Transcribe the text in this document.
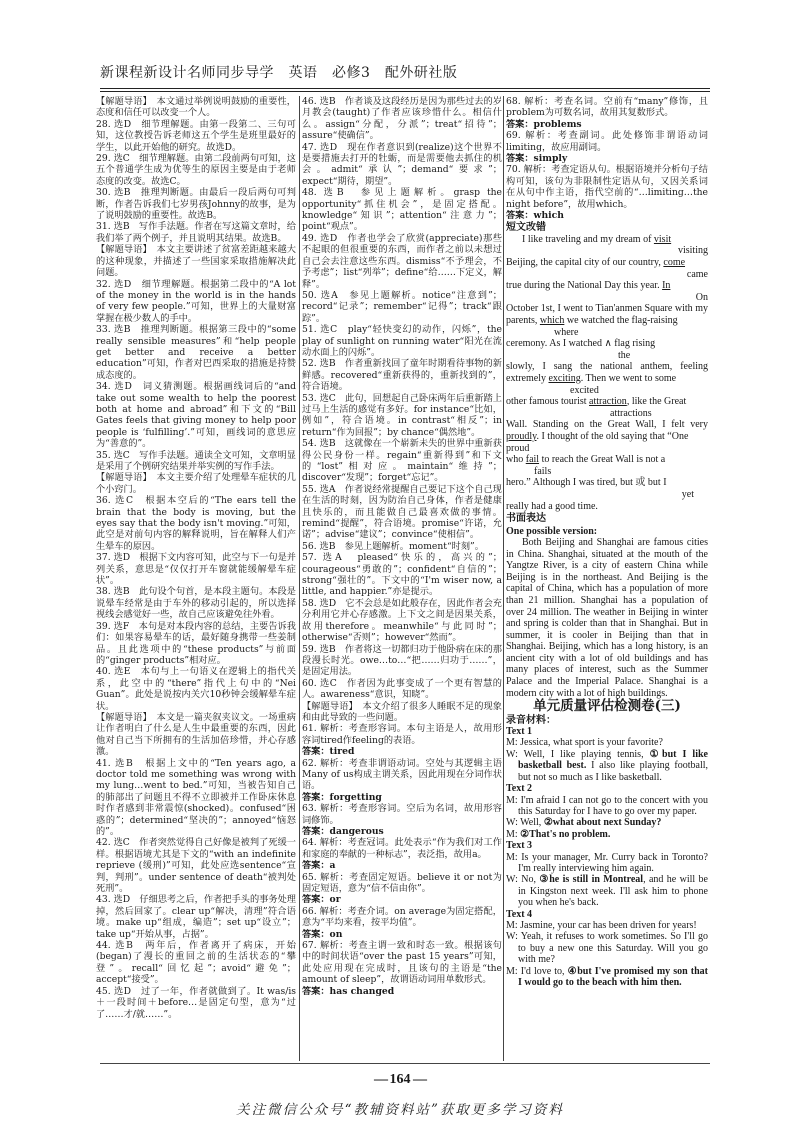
新课程新设计名师同步导学　英语　必修3　配外研社版

【解题导语】　本文通过举例说明鼓励的重要性，态度和信任可以改变一个人。

28. 选D　细节理解题。由第一段第二、三句可知，这位教授告诉老师这五个学生是班里最好的学生，以此开始他的研究。故选D。

29. 选C　细节理解题。由第二段前两句可知，这五个普通学生成为优等生的原因主要是由于老师态度的改变。故选C。

30. 选B　推理判断题。由最后一段后两句可判断，作者告诉我们七岁男孩Johnny的故事，是为了说明鼓励的重要性。故选B。

31. 选B　写作手法题。作者在写这篇文章时，给我们举了两个例子，并且说明其结果。故选B。

【解题导语】　本文主要讲述了贫富差距越来越大的这种现象，并描述了一些国家采取措施解决此问题。

32. 选D　细节理解题。根据第二段中的“A lot of the money in the world is in the hands of very few people.”可知，世界上的大量财富掌握在极少数人的手中。

33. 选B　推理判断题。根据第三段中的“some really sensible measures”和“help people get better and receive a better education”可知，作者对巴西采取的措施是持赞成态度的。

34. 选D　词义猜测题。根据画线词后的“and take out some wealth to help the poorest both at home and abroad”和下文的“Bill Gates feels that giving money to help poor people is ‘fulfilling’.”可知，画线词的意思应为“善意的”。

35. 选C　写作手法题。通读全文可知，文章明显是采用了个例研究结果并举实例的写作手法。

【解题导语】　本文主要介绍了处理晕车症状的几个小窍门。

36. 选C　根据本空后的“The ears tell the brain that the body is moving, but the eyes say that the body isn't moving.”可知，此空是对前句内容的解释说明，旨在解释人们产生晕车的原因。

37. 选D　根据下文内容可知，此空与下一句是并列关系，意思是“仅仅打开车窗就能缓解晕车症状”。

38. 选B　此句设个句首，是本段主题句。本段是说晕车经常是由于车外的移动引起的，所以选择视线会感觉好一些，故自己应该避免往外看。

39. 选F　本句是对本段内容的总结，主要告诉我们：如果容易晕车的话，最好随身携带一些姜制品。且此选项中的“these products”与前面的“ginger products”相对应。

40. 选E　本句与上一句语义在逻辑上的指代关系，此空中的“there”指代上句中的“Nei Guan”。此处是说按内关穴10秒钟会缓解晕车症状。

【解题导语】　本文是一篇夹叙夹议文。一场重病让作者明白了什么是人生中最重要的东西，因此他对自己当下所拥有的生活加倍珍惜，并心存感激。

41. 选B　根据上文中的“Ten years ago, a doctor told me something was wrong with my lung…went to bed.”可知，当被告知自己的肺部出了问题且不得不立即被并工作卧床休息时作者感到非常震惊(shocked)。confused“困惑的”；determined“坚决的”；annoyed“恼怒的”。

42. 选C　作者突然觉得自己好像是被判了死缓一样。根据语境尤其是下文的“with an indefinite reprieve (缓刑)”可知，此处应选sentence“宣判，判刑”。under sentence of death“被判处死刑”。

43. 选D　仔细思考之后，作者把手头的事务处理掉，然后回家了。clear up“解决，清理”符合语境。make up“组成，编造”；set up“设立”；take up“开始从事，占据”。

44. 选B　两年后，作者离开了病床，开始(began)了漫长的重回之前的生活状态的“攀登”。recall“回忆起”；avoid“避免”；accept“接受”。

45. 选D　过了一年，作者就做到了。It was/is＋一段时间＋before…是固定句型，意为“过了……才/就……”。

46. 选B　作者谈及这段经历是因为那些过去的岁月教会(taught)了作者应该珍惜什么。相信什么。assign“分配，分派”；treat“招待”；assure“使确信”。

47. 选D　现在作者意识到(realize)这个世界不是要措施去打开的牡蛎，而是需要他去抓住的机会。admit“承认”；demand“要求”；expect“期待，期望”。

48. 选B　参见上题解析。grasp the opportunity“抓住机会”，是固定搭配。knowledge“知识”；attention“注意力”；point“观点”。

49. 选D　作者也学会了欣赏(appreciate)那些不起眼的但很重要的东西，而作者之前以未想过自己会去注意这些东西。dismiss“不予理会，不予考虑”；list“列举”；define“给……下定义，解释”。

50. 选A　参见上题解析。notice“注意到”；record“记录”；remember“记得”；track“跟踪”。

51. 选C　play“轻快变幻的动作，闪烁”，the play of sunlight on running water“阳光在流动水面上的闪烁”。

52. 选B　作者重新找回了童年时期看待事物的新鲜感。recovered“重新获得的，重新找到的”，符合语境。

53. 选C　此句，回想起自己卧床两年后重新踏上过马上生活的感觉有多好。for instance“比如，例如”，符合语境。in contrast“相反”；in return“作为回报”；by chance“偶然地”。

54. 选B　这就像在一个崭新未失的世界中重新获得公民身份一样。regain“重新得到”和下文的“lost”相对应。maintain“维持”；discover“发现”；forget“忘记”。

55. 选A　作者说经常提醒自己要记下这个自己现在生活的时刻，因为防治自己身体，作者是健康且快乐的，而且能做自己最喜欢做的事情。remind“提醒”，符合语境。promise“许诺，允诺”；advise“建议”；convince“使相信”。

56. 选B　参见上题解析。moment“时刻”。

57. 选A　pleased“快乐的，高兴的”；courageous“勇敢的”；confident“自信的”；strong“强壮的”。下文中的“I'm wiser now, a little, and happier.”亦是提示。

58. 选D　它不会总是如此般存在，因此作者会充分利用它并心存感激。上下文之间是因果关系，故用therefore。meanwhile“与此同时”；otherwise“否则”；however“然而”。

59. 选B　作者将这一切都归功于他卧病在床的那段漫长时光。owe…to…“把……归功于……”，是固定用法。

60. 选C　作者因为此事变成了一个更有智慧的人。awareness“意识，知晓”。

【解题导语】　本文介绍了很多人睡眠不足的现象和由此导致的一些问题。

61. 解析：考查形容词。本句主语是人，故用形容词tired作feeling的表语。

答案：tired

62. 解析：考查非谓语动词。空处与其逻辑主语Many of us构成主谓关系，因此用现在分词作状语。

答案：forgetting

63. 解析：考查形容词。空后为名词，故用形容词修饰。

答案：dangerous

64. 解析：考查冠词。此处表示“作为我们对工作和家庭的奉献的一种标志”，表泛指，故用a。

答案：a

65. 解析：考查固定短语。believe it or not为固定短语，意为“信不信由你”。

答案：or

66. 解析：考查介词。on average为固定搭配，意为“平均来看，按平均值”。

答案：on

67. 解析：考查主谓一致和时态一致。根据该句中的时间状语“over the past 15 years”可知，此处应用现在完成时，且该句的主语是“the amount of sleep”，故谓语动词用单数形式。

答案：has changed

68. 解析：考查名词。空前有“many”修饰，且problem为可数名词，故用其复数形式。

答案：problems

69. 解析：考查副词。此处修饰非谓语动词limiting，故应用副词。

答案：simply

70. 解析：考查定语从句。根据语境并分析句子结构可知，该句为非限制性定语从句，又因关系词在从句中作主语，指代空前的“…limiting…the night before”，故用which。

答案：which

短文改错

I like traveling and my dream of visit

visiting

Beijing, the capital city of our country, come

came

true during the National Day this year. In

On

October 1st, I went to Tian'anmen Square with my parents, which we watched the flag-raising

where

ceremony. As I watched ∧ flag rising

the

slowly, I sang the national anthem, feeling extremely exciting. Then we went to some

excited

other famous tourist attraction, like the Great

attractions

Wall. Standing on the Great Wall, I felt very proudly. I thought of the old saying that “One

proud

who fail to reach the Great Wall is not a

fails

hero.” Although I was tired, but 或 but I

yet

really had a good time.

书面表达

One possible version:

Both Beijing and Shanghai are famous cities in China. Shanghai, situated at the mouth of the Yangtze River, is a city of eastern China while Beijing is in the northeast. And Beijing is the capital of China, which has a population of more than 21 million. Shanghai has a population of over 24 million. The weather in Beijing in winter and spring is colder than that in Shanghai. But in summer, it is cooler in Beijing than that in Shanghai. Beijing, which has a long history, is an ancient city with a lot of old buildings and has many places of interest, such as the Summer Palace and the Imperial Palace. Shanghai is a modern city with a lot of high buildings.

单元质量评估检测卷(三)

录音材料：

Text 1

M: Jessica, what sport is your favorite?

W: Well, I like playing tennis, ①but I like basketball best. I also like playing football, but not so much as I like basketball.

Text 2

M: I'm afraid I can not go to the concert with you this Saturday for I have to go over my paper.

W: Well, ②what about next Sunday?

M: ②That's no problem.

Text 3

M: Is your manager, Mr. Curry back in Toronto? I'm really interviewing him again.

W: No, ③he is still in Montreal, and he will be in Kingston next week. I'll ask him to phone you when he's back.

Text 4

M: Jasmine, your car has been driven for years!

W: Yeah, it refuses to work sometimes. So I'll go to buy a new one this Saturday. Will you go with me?

M: I'd love to, ④but I've promised my son that I would go to the beach with him then.

— 164 —
关注微信公众号“教辅资料站”获取更多学习资料
